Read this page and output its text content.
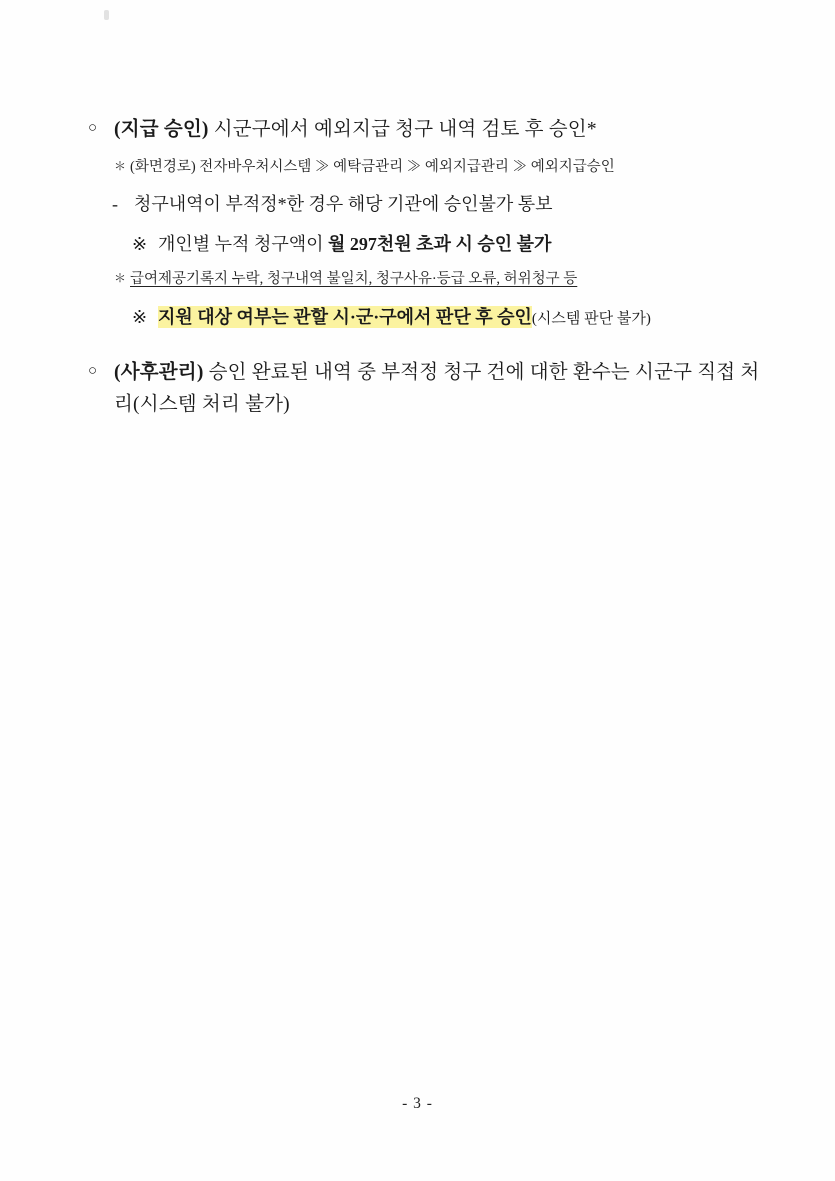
○ (지급 승인) 시군구에서 예외지급 청구 내역 검토 후 승인*
＊ (화면경로) 전자바우처시스템 ≫ 예탁금관리 ≫ 예외지급관리 ≫ 예외지급승인
- 청구내역이 부적정*한 경우 해당 기관에 승인불가 통보
※ 개인별 누적 청구액이 월 297천원 초과 시 승인 불가
＊ 급여제공기록지 누락, 청구내역 불일치, 청구사유·등급 오류, 허위청구 등
※ 지원 대상 여부는 관할 시·군·구에서 판단 후 승인(시스템 판단 불가)
○ (사후관리) 승인 완료된 내역 중 부적정 청구 건에 대한 환수는 시군구 직접 처리(시스템 처리 불가)
- 3 -
